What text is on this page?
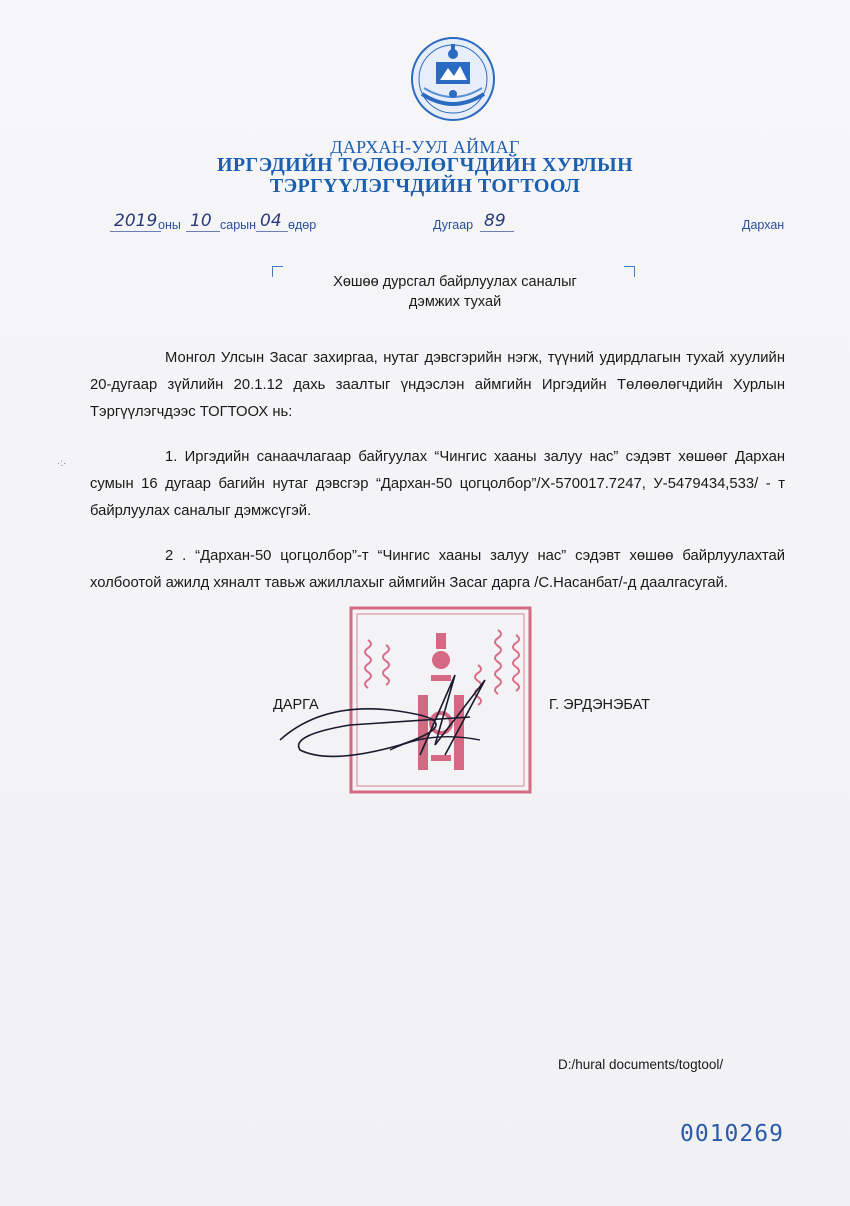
ДАРХАН-УУЛ АЙМАГ
ИРГЭДИЙН ТӨЛӨӨЛӨГЧДИЙН ХУРЛЫН
ТЭРГҮҮЛЭГЧДИЙН ТОГТООЛ
2019 оны 10 сарын 04 өдөр	Дугаар 89	Дархан
Хөшөө дурсгал байрлуулах саналыг
дэмжих тухай
Монгол Улсын Засаг захиргаа, нутаг дэвсгэрийн нэгж, түүний удирдлагын тухай хуулийн 20-дугаар зүйлийн 20.1.12 дахь заалтыг үндэслэн аймгийн Иргэдийн Төлөөлөгчдийн Хурлын Тэргүүлэгчдээс ТОГТООХ нь:
·:·	1. Иргэдийн санаачлагаар байгуулах “Чингис хааны залуу нас” сэдэвт хөшөөг Дархан сумын 16 дугаар багийн нутаг дэвсгэр “Дархан-50 цогцолбор”/Х-570017.7247, У-5479434,533/ - т байрлуулах саналыг дэмжсүгэй.
2 . “Дархан-50 цогцолбор”-т “Чингис хааны залуу нас” сэдэвт хөшөө байрлуулахтай холбоотой ажилд хяналт тавьж ажиллахыг аймгийн Засаг дарга /С.Насанбат/-д даалгасугай.
ДАРГА	Г. ЭРДЭНЭБАТ
D:/hural documents/togtool/
0010269
